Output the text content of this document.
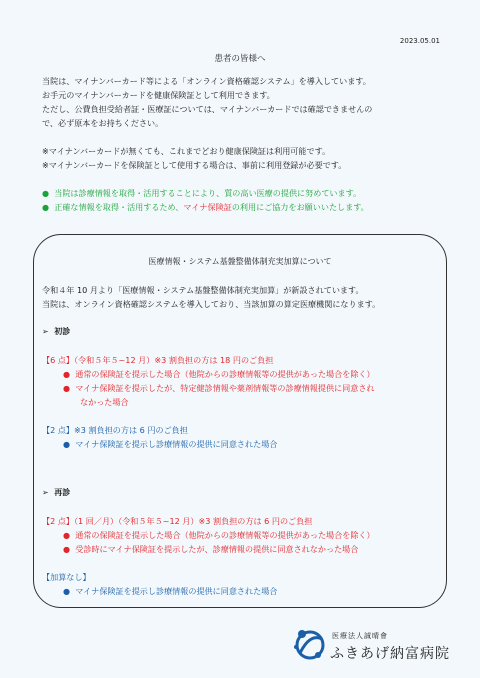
2023.05.01
患者の皆様へ
当院は、マイナンバーカード等による「オンライン資格確認システム」を導入しています。
お手元のマイナンバーカードを健康保険証として利用できます。
ただし、公費負担受給者証・医療証については、マイナンバーカードでは確認できませんの
で、必ず原本をお持ちください。
※マイナンバーカードが無くても、これまでどおり健康保険証は利用可能です。
※マイナンバーカードを保険証として使用する場合は、事前に利用登録が必要です。
● 当院は診療情報を取得・活用することにより、質の高い医療の提供に努めています。
● 正確な情報を取得・活用するため、マイナ保険証の利用にご協力をお願いいたします。
医療情報・システム基盤整備体制充実加算について
令和４年 10 月より「医療情報・システム基盤整備体制充実加算」が新設されています。
当院は、オンライン資格確認システムを導入しており、当該加算の算定医療機関になります。
➢ 初診
【6 点】（令和５年５~12 月）※3 割負担の方は 18 円のご負担
● 通常の保険証を提示した場合（他院からの診療情報等の提供があった場合を除く）
● マイナ保険証を提示したが、特定健診情報や薬剤情報等の診療情報提供に同意され
なかった場合
【2 点】※3 割負担の方は 6 円のご負担
● マイナ保険証を提示し診療情報の提供に同意された場合
➢ 再診
【2 点】（1 回／月）（令和５年５~12 月）※3 割負担の方は 6 円のご負担
● 通常の保険証を提示した場合（他院からの診療情報等の提供があった場合を除く）
● 受診時にマイナ保険証を提示したが、診療情報の提供に同意されなかった場合
【加算なし】
● マイナ保険証を提示し診療情報の提供に同意された場合
医療法人誠晴會
ふきあげ納富病院
